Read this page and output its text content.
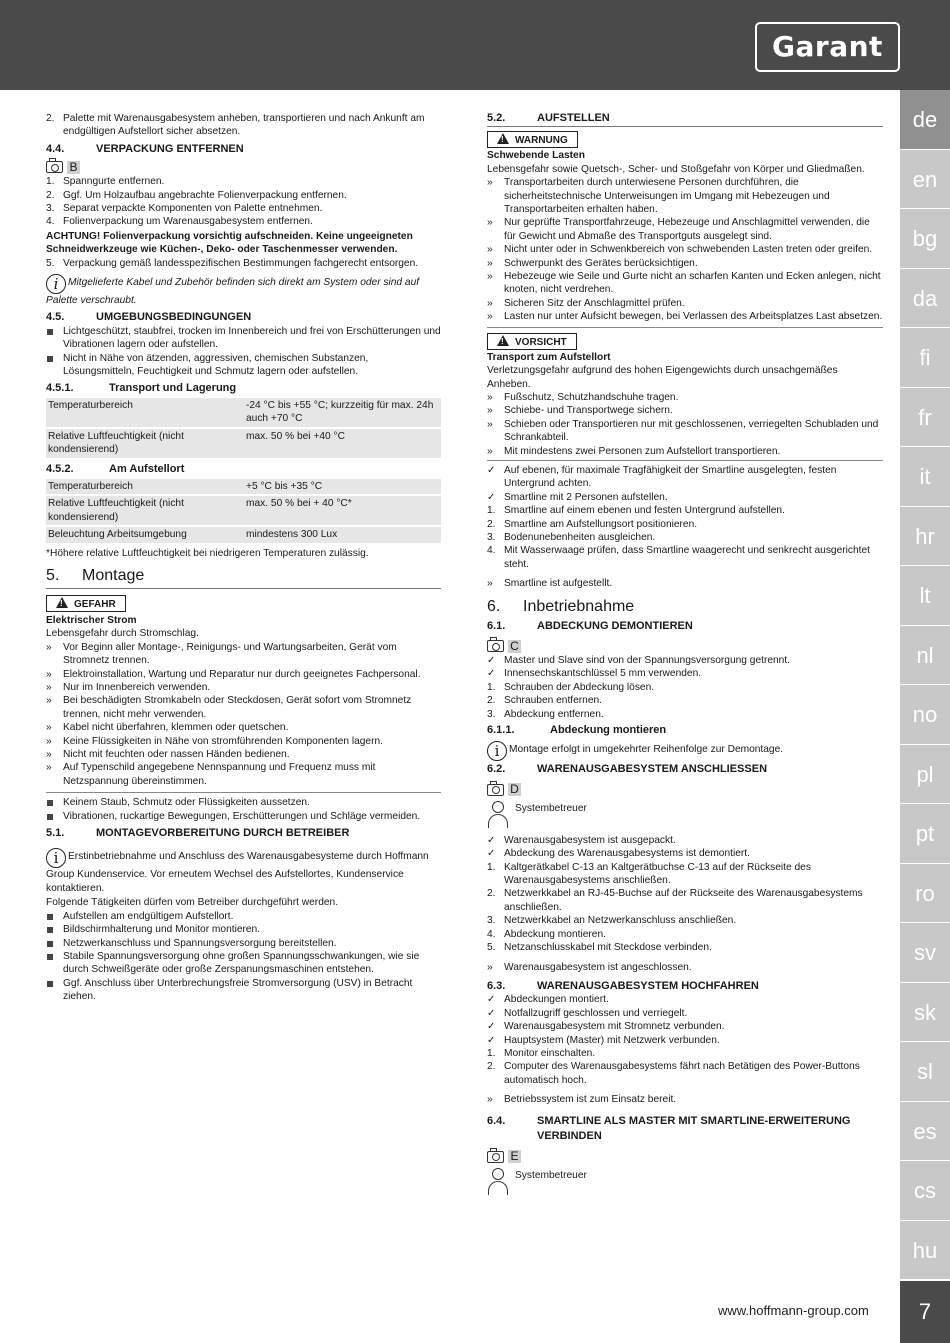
Garant
de
en
bg
da
fi
fr
it
hr
lt
nl
no
pl
pt
ro
sv
sk
sl
es
cs
hu
7
www.hoffmann-group.com
2. Palette mit Warenausgabesystem anheben, transportieren und nach Ankunft am endgültigen Aufstellort sicher absetzen.
4.4.	VERPACKUNG ENTFERNEN
B
1. Spanngurte entfernen.
2. Ggf. Um Holzaufbau angebrachte Folienverpackung entfernen.
3. Separat verpackte Komponenten von Palette entnehmen.
4. Folienverpackung um Warenausgabesystem entfernen.

ACHTUNG! Folienverpackung vorsichtig aufschneiden. Keine ungeeigneten Schneidwerkzeuge wie Küchen-, Deko- oder Taschenmesser verwenden.

5. Verpackung gemäß landesspezifischen Bestimmungen fachgerecht entsorgen.

i Mitgelieferte Kabel und Zubehör befinden sich direkt am System oder sind auf Palette verschraubt.

4.5.	UMGEBUNGSBEDINGUNGEN
Lichtgeschützt, staubfrei, trocken im Innenbereich und frei von Erschütterungen und Vibrationen lagern oder aufstellen.
Nicht in Nähe von ätzenden, aggressiven, chemischen Substanzen, Lösungsmitteln, Feuchtigkeit und Schmutz lagern oder aufstellen.
4.5.1.	Transport und Lagerung
Temperaturbereich	-24 °C bis +55 °C; kurzzeitig für max. 24h auch +70 °C
Relative Luftfeuchtigkeit (nicht kondensierend)	max. 50 % bei +40 °C
4.5.2.	Am Aufstellort
Temperaturbereich	+5 °C bis +35 °C
Relative Luftfeuchtigkeit (nicht kondensierend)	max. 50 % bei + 40 °C*
Beleuchtung Arbeitsumgebung	mindestens 300 Lux

*Höhere relative Luftfeuchtigkeit bei niedrigeren Temperaturen zulässig.

5.	Montage
!GEFAHR

Elektrischer Strom

Lebensgefahr durch Stromschlag.

» Vor Beginn aller Montage-, Reinigungs- und Wartungsarbeiten, Gerät vom Stromnetz trennen.
» Elektroinstallation, Wartung und Reparatur nur durch geeignetes Fachpersonal.
» Nur im Innenbereich verwenden.
» Bei beschädigten Stromkabeln oder Steckdosen, Gerät sofort vom Stromnetz trennen, nicht mehr verwenden.
» Kabel nicht überfahren, klemmen oder quetschen.
» Keine Flüssigkeiten in Nähe von stromführenden Komponenten lagern.
» Nicht mit feuchten oder nassen Händen bedienen.
» Auf Typenschild angegebene Nennspannung und Frequenz muss mit Netzspannung übereinstimmen.
Keinem Staub, Schmutz oder Flüssigkeiten aussetzen.
Vibrationen, ruckartige Bewegungen, Erschütterungen und Schläge vermeiden.
5.1.	MONTAGEVORBEREITUNG DURCH BETREIBER

i Erstinbetriebnahme und Anschluss des Warenausgabesysteme durch Hoffmann Group Kundenservice. Vor erneutem Wechsel des Aufstellortes, Kundenservice kontaktieren.

Folgende Tätigkeiten dürfen vom Betreiber durchgeführt werden.

Aufstellen am endgültigem Aufstellort.
Bildschirmhalterung und Monitor montieren.
Netzwerkanschluss und Spannungsversorgung bereitstellen.
Stabile Spannungsversorgung ohne großen Spannungsschwankungen, wie sie durch Schweißgeräte oder große Zerspanungsmaschinen entstehen.
Ggf. Anschluss über Unterbrechungsfreie Stromversorgung (USV) in Betracht ziehen.
5.2.	AUFSTELLEN
!WARNUNG

Schwebende Lasten

Lebensgefahr sowie Quetsch-, Scher- und Stoßgefahr von Körper und Gliedmaßen.

» Transportarbeiten durch unterwiesene Personen durchführen, die sicherheitstechnische Unterweisungen im Umgang mit Hebezeugen und Transportarbeiten erhalten haben.
» Nur geprüfte Transportfahrzeuge, Hebezeuge und Anschlagmittel verwenden, die für Gewicht und Abmaße des Transportguts ausgelegt sind.
» Nicht unter oder in Schwenkbereich von schwebenden Lasten treten oder greifen.
» Schwerpunkt des Gerätes berücksichtigen.
» Hebezeuge wie Seile und Gurte nicht an scharfen Kanten und Ecken anlegen, nicht knoten, nicht verdrehen.
» Sicheren Sitz der Anschlagmittel prüfen.
» Lasten nur unter Aufsicht bewegen, bei Verlassen des Arbeitsplatzes Last absetzen.
!VORSICHT

Transport zum Aufstellort

Verletzungsgefahr aufgrund des hohen Eigengewichts durch unsachgemäßes Anheben.

» Fußschutz, Schutzhandschuhe tragen.
» Schiebe- und Transportwege sichern.
» Schieben oder Transportieren nur mit geschlossenen, verriegelten Schubladen und Schrankabteil.
» Mit mindestens zwei Personen zum Aufstellort transportieren.
✓ Auf ebenen, für maximale Tragfähigkeit der Smartline ausgelegten, festen Untergrund achten.
✓ Smartline mit 2 Personen aufstellen.
1. Smartline auf einem ebenen und festen Untergrund aufstellen.
2. Smartline am Aufstellungsort positionieren.
3. Bodenunebenheiten ausgleichen.
4. Mit Wasserwaage prüfen, dass Smartline waagerecht und senkrecht ausgerichtet steht.
» Smartline ist aufgestellt.
6.	Inbetriebnahme
6.1.	ABDECKUNG DEMONTIEREN
C
✓ Master und Slave sind von der Spannungsversorgung getrennt.
✓ Innensechskantschlüssel 5 mm verwenden.
1. Schrauben der Abdeckung lösen.
2. Schrauben entfernen.
3. Abdeckung entfernen.
6.1.1.	Abdeckung montieren

i Montage erfolgt in umgekehrter Reihenfolge zur Demontage.

6.2.	WARENAUSGABESYSTEM ANSCHLIESSEN
D
Systembetreuer
✓ Warenausgabesystem ist ausgepackt.
✓ Abdeckung des Warenausgabesystems ist demontiert.
1. Kaltgerätkabel C-13 an Kaltgerätbuchse C-13 auf der Rückseite des Warenausgabesystems anschließen.
2. Netzwerkkabel an RJ-45-Buchse auf der Rückseite des Warenausgabesystems anschließen.
3. Netzwerkkabel an Netzwerkanschluss anschließen.
4. Abdeckung montieren.
5. Netzanschlusskabel mit Steckdose verbinden.
» Warenausgabesystem ist angeschlossen.
6.3.	WARENAUSGABESYSTEM HOCHFAHREN
✓ Abdeckungen montiert.
✓ Notfallzugriff geschlossen und verriegelt.
✓ Warenausgabesystem mit Stromnetz verbunden.
✓ Hauptsystem (Master) mit Netzwerk verbunden.
1. Monitor einschalten.
2. Computer des Warenausgabesystems fährt nach Betätigen des Power-Buttons automatisch hoch.
» Betriebssystem ist zum Einsatz bereit.
6.4.	SMARTLINE ALS MASTER MIT SMARTLINE-ERWEITERUNG VERBINDEN
E
Systembetreuer
